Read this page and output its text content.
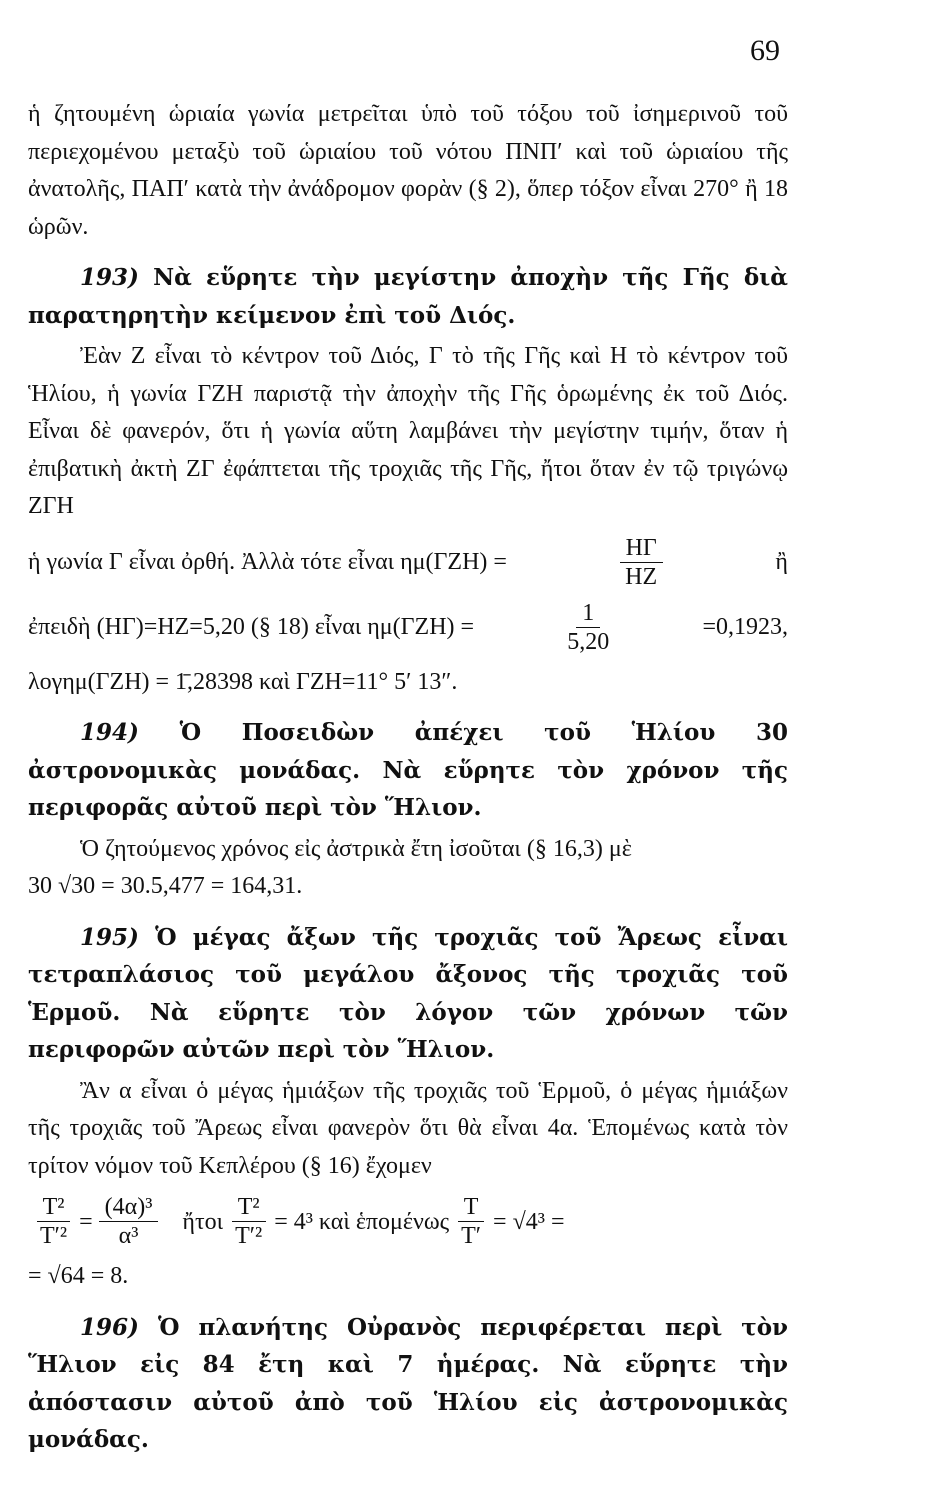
69

ἡ ζητουμένη ὡριαία γωνία μετρεῖται ὑπὸ τοῦ τόξου τοῦ ἰσημερινοῦ τοῦ περιεχομένου μεταξὺ τοῦ ὡριαίου τοῦ νότου ΠΝΠ′ καὶ τοῦ ὡριαίου τῆς ἀνατολῆς, ΠΑΠ′ κατὰ τὴν ἀνάδρομον φορὰν (§ 2), ὅπερ τόξον εἶναι 270° ἢ 18 ὡρῶν.

193) Νὰ εὕρητε τὴν μεγίστην ἀποχὴν τῆς Γῆς διὰ παρατηρητὴν κείμενον ἐπὶ τοῦ Διός.

Ἐὰν Ζ εἶναι τὸ κέντρον τοῦ Διός, Γ τὸ τῆς Γῆς καὶ Η τὸ κέντρον τοῦ Ἡλίου, ἡ γωνία ΓΖΗ παριστᾷ τὴν ἀποχὴν τῆς Γῆς ὁρωμένης ἐκ τοῦ Διός. Εἶναι δὲ φανερόν, ὅτι ἡ γωνία αὕτη λαμβάνει τὴν μεγίστην τιμήν, ὅταν ἡ ἐπιβατικὴ ἀκτὴ ΖΓ ἐφάπτεται τῆς τροχιᾶς τῆς Γῆς, ἤτοι ὅταν ἐν τῷ τριγώνῳ ΖΓΗ

ἡ γωνία Γ εἶναι ὀρθή. Ἀλλὰ τότε εἶναι ημ(ΓΖΗ) =	$\frac{H\Gamma}{HZ}$	ἢ
ἐπειδὴ (ΗΓ)=ΗΖ=5,20 (§ 18) εἶναι ημ(ΓΖΗ) =	$\frac{1}{5,20}$	=0,1923,

λογημ(ΓΖΗ) = 1̄,28398 καὶ ΓΖΗ=11° 5′ 13″.

194) Ὁ Ποσειδὼν ἀπέχει τοῦ Ἡλίου 30 ἀστρονομικὰς μονάδας. Νὰ εὕρητε τὸν χρόνον τῆς περιφορᾶς αὐτοῦ περὶ τὸν Ἥλιον.

Ὁ ζητούμενος χρόνος εἰς ἀστρικὰ ἔτη ἰσοῦται (§ 16,3) μὲ

30 √30 = 30.5,477 = 164,31.

195) Ὁ μέγας ἄξων τῆς τροχιᾶς τοῦ Ἄρεως εἶναι τετραπλάσιος τοῦ μεγάλου ἄξονος τῆς τροχιᾶς τοῦ Ἑρμοῦ. Νὰ εὕρητε τὸν λόγον τῶν χρόνων τῶν περιφορῶν αὐτῶν περὶ τὸν Ἥλιον.

Ἂν α εἶναι ὁ μέγας ἡμιάξων τῆς τροχιᾶς τοῦ Ἑρμοῦ, ὁ μέγας ἡμιάξων τῆς τροχιᾶς τοῦ Ἄρεως εἶναι φανερὸν ὅτι θὰ εἶναι 4α. Ἑπομένως κατὰ τὸν τρίτον νόμον τοῦ Κεπλέρου (§ 16) ἔχομεν

$\frac{\text{T²}}{\text{T′²}} = \frac{\text{(4α)³}}{\text{α³}}$ ἤτοι $\frac{\text{T²}}{\text{T′²}} = 4^3$ καὶ ἑπομένως $\frac{T}{T'} = √4^3$ =

= √64 = 8.

196) Ὁ πλανήτης Οὐρανὸς περιφέρεται περὶ τὸν Ἥλιον εἰς 84 ἔτη καὶ 7 ἡμέρας. Νὰ εὕρητε τὴν ἀπόστασιν αὐτοῦ ἀπὸ τοῦ Ἡλίου εἰς ἀστρονομικὰς μονάδας.
